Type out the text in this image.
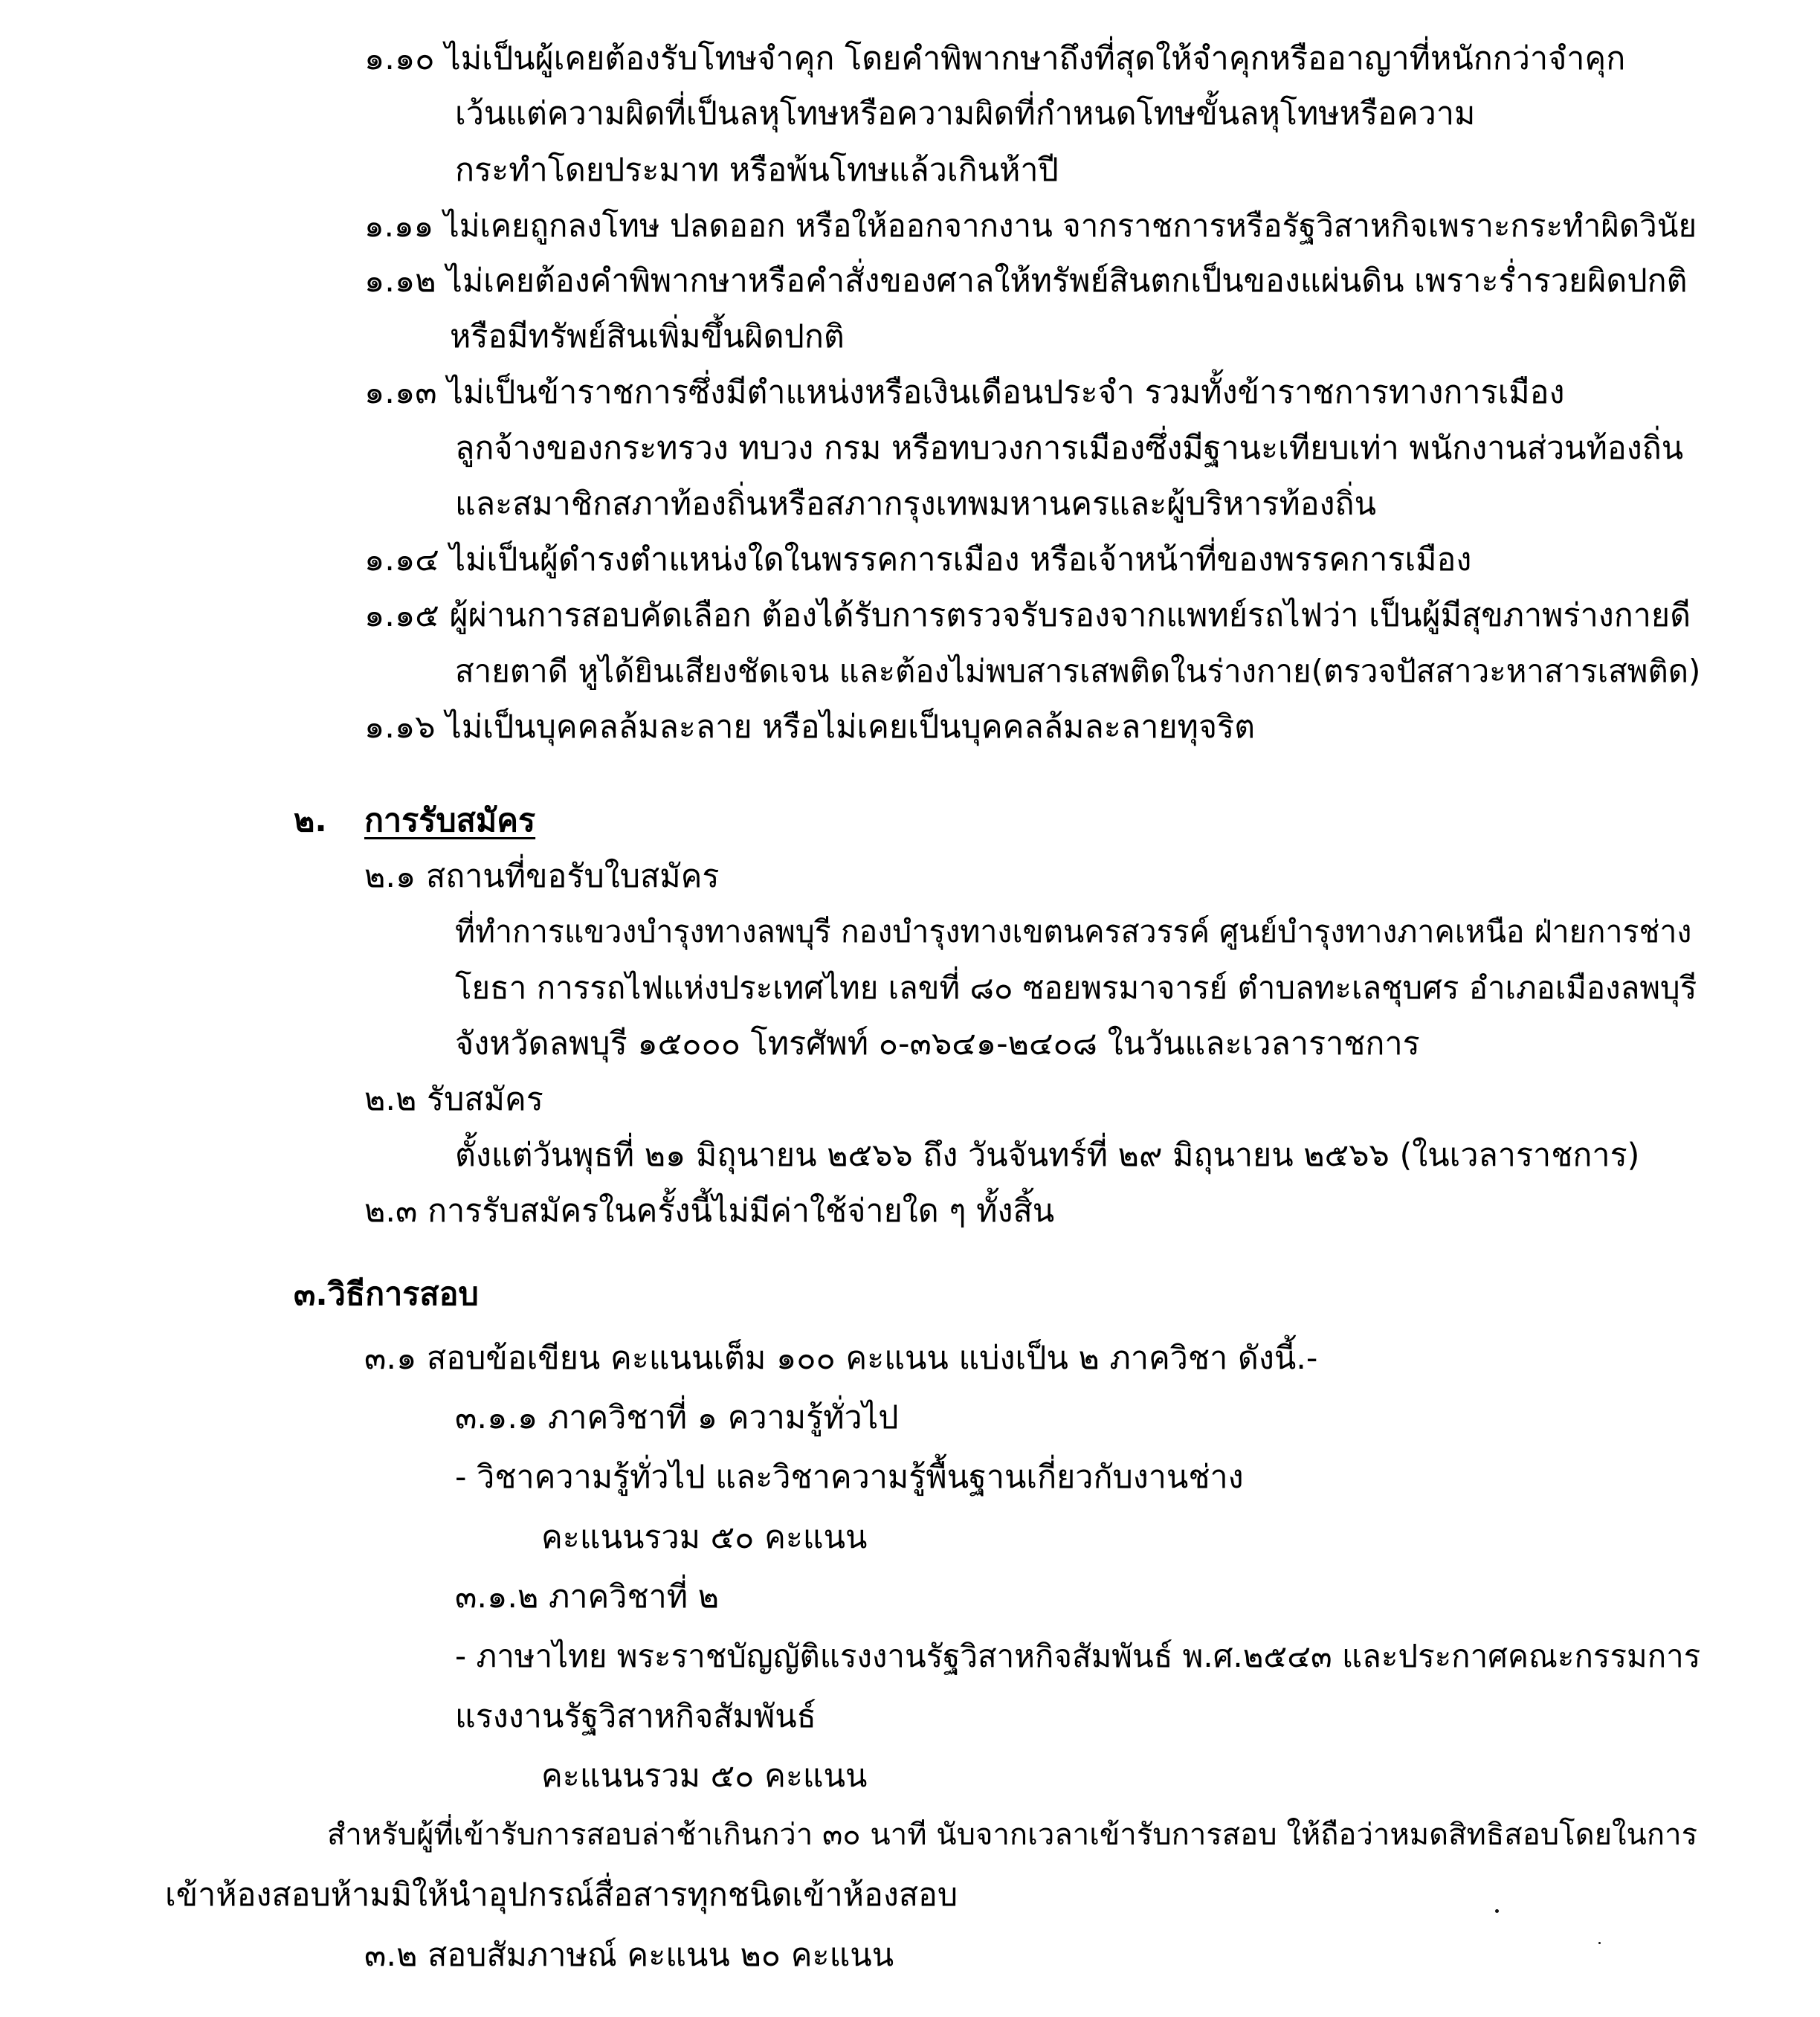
๑.๑๐ ไม่เป็นผู้เคยต้องรับโทษจำคุก โดยคำพิพากษาถึงที่สุดให้จำคุกหรืออาญาที่หนักกว่าจำคุก

เว้นแต่ความผิดที่เป็นลหุโทษหรือความผิดที่กำหนดโทษขั้นลหุโทษหรือความ

กระทำโดยประมาท หรือพ้นโทษแล้วเกินห้าปี

๑.๑๑ ไม่เคยถูกลงโทษ ปลดออก หรือให้ออกจากงาน จากราชการหรือรัฐวิสาหกิจเพราะกระทำผิดวินัย

๑.๑๒ ไม่เคยต้องคำพิพากษาหรือคำสั่งของศาลให้ทรัพย์สินตกเป็นของแผ่นดิน เพราะร่ำรวยผิดปกติ

หรือมีทรัพย์สินเพิ่มขึ้นผิดปกติ

๑.๑๓ ไม่เป็นข้าราชการซึ่งมีตำแหน่งหรือเงินเดือนประจำ รวมทั้งข้าราชการทางการเมือง

ลูกจ้างของกระทรวง ทบวง กรม หรือทบวงการเมืองซึ่งมีฐานะเทียบเท่า พนักงานส่วนท้องถิ่น

และสมาชิกสภาท้องถิ่นหรือสภากรุงเทพมหานครและผู้บริหารท้องถิ่น

๑.๑๔ ไม่เป็นผู้ดำรงตำแหน่งใดในพรรคการเมือง หรือเจ้าหน้าที่ของพรรคการเมือง

๑.๑๕ ผู้ผ่านการสอบคัดเลือก ต้องได้รับการตรวจรับรองจากแพทย์รถไฟว่า เป็นผู้มีสุขภาพร่างกายดี

สายตาดี หูได้ยินเสียงชัดเจน และต้องไม่พบสารเสพติดในร่างกาย(ตรวจปัสสาวะหาสารเสพติด)

๑.๑๖ ไม่เป็นบุคคลล้มละลาย หรือไม่เคยเป็นบุคคลล้มละลายทุจริต

๒. การรับสมัคร

๒.๑ สถานที่ขอรับใบสมัคร

ที่ทำการแขวงบำรุงทางลพบุรี กองบำรุงทางเขตนครสวรรค์ ศูนย์บำรุงทางภาคเหนือ ฝ่ายการช่าง

โยธา การรถไฟแห่งประเทศไทย เลขที่ ๘๐ ซอยพรมาจารย์ ตำบลทะเลชุบศร อำเภอเมืองลพบุรี

จังหวัดลพบุรี ๑๕๐๐๐ โทรศัพท์ ๐-๓๖๔๑-๒๔๐๘ ในวันและเวลาราชการ

๒.๒ รับสมัคร

ตั้งแต่วันพุธที่ ๒๑ มิถุนายน ๒๕๖๖ ถึง วันจันทร์ที่ ๒๙ มิถุนายน ๒๕๖๖ (ในเวลาราชการ)

๒.๓ การรับสมัครในครั้งนี้ไม่มีค่าใช้จ่ายใด ๆ ทั้งสิ้น

๓.วิธีการสอบ

๓.๑ สอบข้อเขียน คะแนนเต็ม ๑๐๐ คะแนน แบ่งเป็น ๒ ภาควิชา ดังนี้.-

๓.๑.๑ ภาควิชาที่ ๑ ความรู้ทั่วไป

- วิชาความรู้ทั่วไป และวิชาความรู้พื้นฐานเกี่ยวกับงานช่าง

คะแนนรวม ๕๐ คะแนน

๓.๑.๒ ภาควิชาที่ ๒

- ภาษาไทย พระราชบัญญัติแรงงานรัฐวิสาหกิจสัมพันธ์ พ.ศ.๒๕๔๓ และประกาศคณะกรรมการ

แรงงานรัฐวิสาหกิจสัมพันธ์

คะแนนรวม ๕๐ คะแนน

สำหรับผู้ที่เข้ารับการสอบล่าช้าเกินกว่า ๓๐ นาที นับจากเวลาเข้ารับการสอบ ให้ถือว่าหมดสิทธิสอบโดยในการ

เข้าห้องสอบห้ามมิให้นำอุปกรณ์สื่อสารทุกชนิดเข้าห้องสอบ

๓.๒ สอบสัมภาษณ์ คะแนน ๒๐ คะแนน
